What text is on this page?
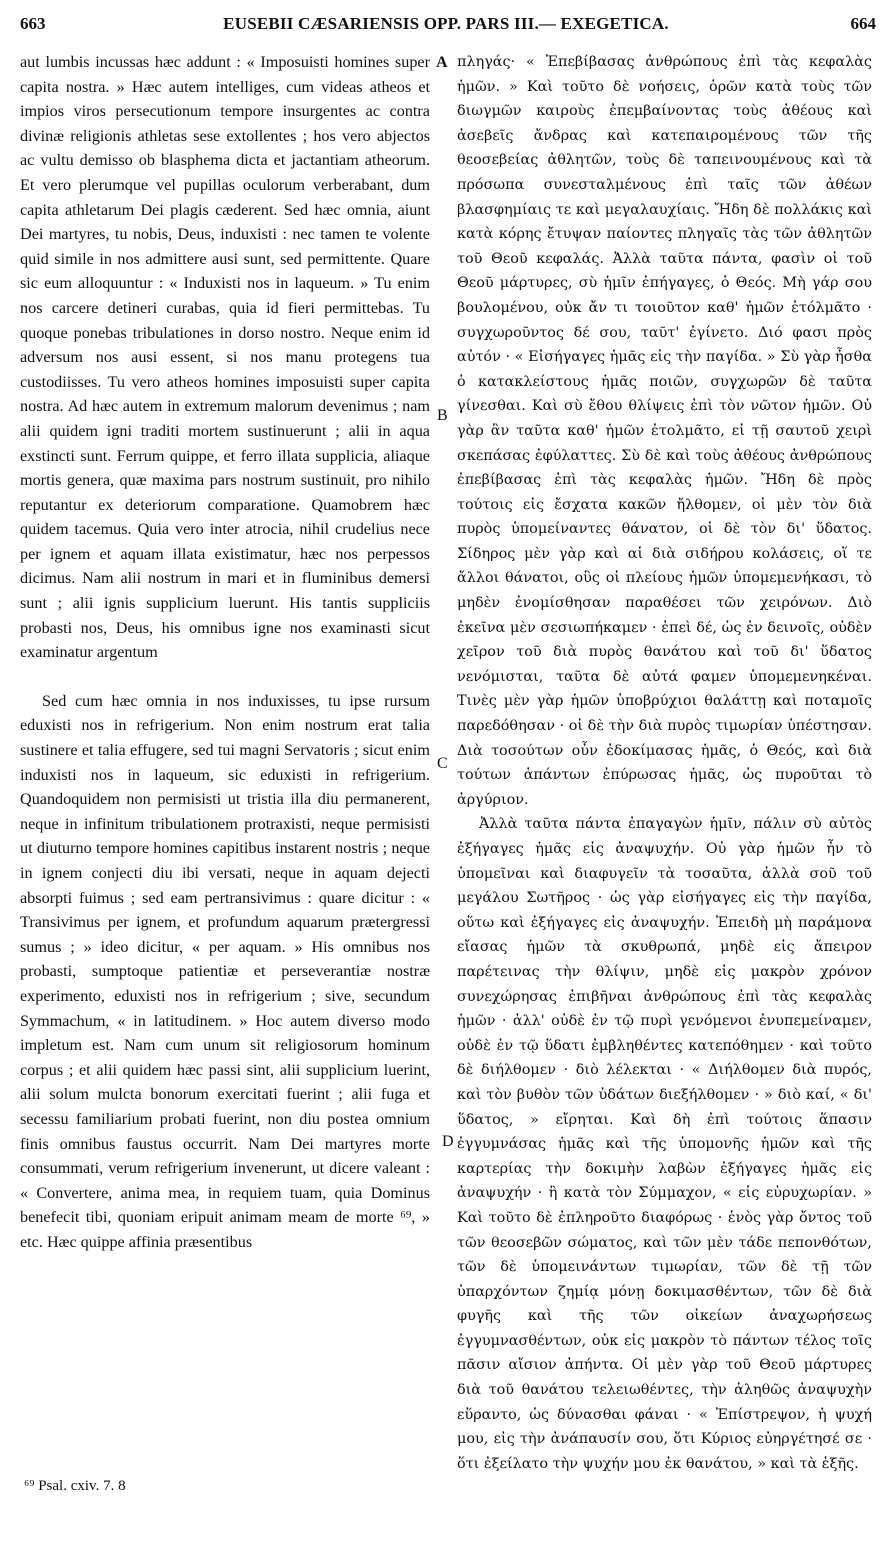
663	EUSEBII CÆSARIENSIS OPP. PARS III.— EXEGETICA.	664

aut lumbis incussas hæc addunt : « Imposuisti homines super capita nostra. » Hæc autem intelliges, cum videas atheos et impios viros persecutionum tempore insurgentes ac contra divinæ religionis athletas sese extollentes ; hos vero abjectos ac vultu demisso ob blasphema dicta et jactantiam atheorum. Et vero plerumque vel pupillas oculorum verberabant, dum capita athletarum Dei plagis cæderent. Sed hæc omnia, aiunt Dei martyres, tu nobis, Deus, induxisti : nec tamen te volente quid simile in nos admittere ausi sunt, sed permittente. Quare sic eum alloquuntur : « Induxisti nos in laqueum. » Tu enim nos carcere detineri curabas, quia id fieri permittebas. Tu quoque ponebas tribulationes in dorso nostro. Neque enim id adversum nos ausi essent, si nos manu protegens tua custodiisses. Tu vero atheos homines imposuisti super capita nostra. Ad hæc autem in extremum malorum devenimus ; nam alii quidem igni traditi mortem sustinuerunt ; alii in aqua exstincti sunt. Ferrum quippe, et ferro illata supplicia, aliaque mortis genera, quæ maxima pars nostrum sustinuit, pro nihilo reputantur ex deteriorum comparatione. Quamobrem hæc quidem tacemus. Quia vero inter atrocia, nihil crudelius nece per ignem et aquam illata existimatur, hæc nos perpessos dicimus. Nam alii nostrum in mari et in fluminibus demersi sunt ; alii ignis supplicium luerunt. His tantis suppliciis probasti nos, Deus, his omnibus igne nos examinasti sicut examinatur argentum

Sed cum hæc omnia in nos induxisses, tu ipse rursum eduxisti nos in refrigerium. Non enim nostrum erat talia sustinere et talia effugere, sed tui magni Servatoris ; sicut enim induxisti nos in laqueum, sic eduxisti in refrigerium. Quandoquidem non permisisti ut tristia illa diu permanerent, neque in infinitum tribulationem protraxisti, neque permisisti ut diuturno tempore homines capitibus instarent nostris ; neque in ignem conjecti diu ibi versati, neque in aquam dejecti absorpti fuimus ; sed eam pertransivimus : quare dicitur : « Transivimus per ignem, et profundum aquarum prætergressi sumus ; » ideo dicitur, « per aquam. » His omnibus nos probasti, sumptoque patientiæ et perseverantiæ nostræ experimento, eduxisti nos in refrigerium ; sive, secundum Symmachum, « in latitudinem. » Hoc autem diverso modo impletum est. Nam cum unum sit religiosorum hominum corpus ; et alii quidem hæc passi sint, alii supplicium luerint, alii solum mulcta bonorum exercitati fuerint ; alii fuga et secessu familiarium probati fuerint, non diu postea omnium finis omnibus faustus occurrit. Nam Dei martyres morte consummati, verum refrigerium invenerunt, ut dicere valeant : « Convertere, anima mea, in requiem tuam, quia Dominus benefecit tibi, quoniam eripuit animam meam de morte ⁶⁹, » etc. Hæc quippe affinia præsentibus

A
B
C
D

πληγάς· « Ἐπεβίβασας ἀνθρώπους ἐπὶ τὰς κεφαλὰς ἡμῶν. » Καὶ τοῦτο δὲ νοήσεις, ὁρῶν κατὰ τοὺς τῶν διωγμῶν καιροὺς ἐπεμβαίνοντας τοὺς ἀθέους καὶ ἀσεβεῖς ἄνδρας καὶ κατεπαιρομένους τῶν τῆς θεοσεβείας ἀθλητῶν, τοὺς δὲ ταπεινουμένους καὶ τὰ πρόσωπα συνεσταλμένους ἐπὶ ταῖς τῶν ἀθέων βλασφημίαις τε καὶ μεγαλαυχίαις. Ἤδη δὲ πολλάκις καὶ κατὰ κόρης ἔτυψαν παίοντες πληγαῖς τὰς τῶν ἀθλητῶν τοῦ Θεοῦ κεφαλάς. Ἀλλὰ ταῦτα πάντα, φασὶν οἱ τοῦ Θεοῦ μάρτυρες, σὺ ἡμῖν ἐπήγαγες, ὁ Θεός. Μὴ γάρ σου βουλομένου, οὐκ ἄν τι τοιοῦτον καθ' ἡμῶν ἐτόλμᾶτο · συγχωροῦντος δέ σου, ταῦτ' ἐγίνετο. Διό φασι πρὸς αὐτόν · « Εἰσήγαγες ἡμᾶς εἰς τὴν παγίδα. » Σὺ γὰρ ἦσθα ὁ κατακλείστους ἡμᾶς ποιῶν, συγχωρῶν δὲ ταῦτα γίνεσθαι. Καὶ σὺ ἔθου θλίψεις ἐπὶ τὸν νῶτον ἡμῶν. Οὐ γὰρ ἂν ταῦτα καθ' ἡμῶν ἐτολμᾶτο, εἰ τῇ σαυτοῦ χειρὶ σκεπάσας ἐφύλαττες. Σὺ δὲ καὶ τοὺς ἀθέους ἀνθρώπους ἐπεβίβασας ἐπὶ τὰς κεφαλὰς ἡμῶν. Ἤδη δὲ πρὸς τούτοις εἰς ἔσχατα κακῶν ἤλθομεν, οἱ μὲν τὸν διὰ πυρὸς ὑπομείναντες θάνατον, οἱ δὲ τὸν δι' ὕδατος. Σίδηρος μὲν γὰρ καὶ αἱ διὰ σιδήρου κολάσεις, οἵ τε ἄλλοι θάνατοι, οὓς οἱ πλείους ἡμῶν ὑπομεμενήκασι, τὸ μηδὲν ἐνομίσθησαν παραθέσει τῶν χειρόνων. Διὸ ἐκεῖνα μὲν σεσιωπήκαμεν · ἐπεὶ δέ, ὡς ἐν δεινοῖς, οὐδὲν χεῖρον τοῦ διὰ πυρὸς θανάτου καὶ τοῦ δι' ὕδατος νενόμισται, ταῦτα δὲ αὐτά φαμεν ὑπομεμενηκέναι. Τινὲς μὲν γὰρ ἡμῶν ὑποβρύχιοι θαλάττῃ καὶ ποταμοῖς παρεδόθησαν · οἱ δὲ τὴν διὰ πυρὸς τιμωρίαν ὑπέστησαν. Διὰ τοσούτων οὖν ἐδοκίμασας ἡμᾶς, ὁ Θεός, καὶ διὰ τούτων ἁπάντων ἐπύρωσας ἡμᾶς, ὡς πυροῦται τὸ ἀργύριον.

Ἀλλὰ ταῦτα πάντα ἐπαγαγὼν ἡμῖν, πάλιν σὺ αὐτὸς ἐξήγαγες ἡμᾶς εἰς ἀναψυχήν. Οὐ γὰρ ἡμῶν ἦν τὸ ὑπομεῖναι καὶ διαφυγεῖν τὰ τοσαῦτα, ἀλλὰ σοῦ τοῦ μεγάλου Σωτῆρος · ὡς γὰρ εἰσήγαγες εἰς τὴν παγίδα, οὕτω καὶ ἐξήγαγες εἰς ἀναψυχήν. Ἐπειδὴ μὴ παράμονα εἴασας ἡμῶν τὰ σκυθρωπά, μηδὲ εἰς ἄπειρον παρέτεινας τὴν θλίψιν, μηδὲ εἰς μακρὸν χρόνον συνεχώρησας ἐπιβῆναι ἀνθρώπους ἐπὶ τὰς κεφαλὰς ἡμῶν · ἀλλ' οὐδὲ ἐν τῷ πυρὶ γενόμενοι ἐνυπεμείναμεν, οὐδὲ ἐν τῷ ὕδατι ἐμβληθέντες κατεπόθημεν · καὶ τοῦτο δὲ διήλθομεν · διὸ λέλεκται · « Διήλθομεν διὰ πυρός, καὶ τὸν βυθὸν τῶν ὑδάτων διεξήλθομεν · » διὸ καί, « δι' ὕδατος, » εἴρηται. Καὶ δὴ ἐπὶ τούτοις ἅπασιν ἐγγυμνάσας ἡμᾶς καὶ τῆς ὑπομονῆς ἡμῶν καὶ τῆς καρτερίας τὴν δοκιμὴν λαβὼν ἐξήγαγες ἡμᾶς εἰς ἀναψυχήν · ἢ κατὰ τὸν Σύμμαχον, « εἰς εὐρυχωρίαν. » Καὶ τοῦτο δὲ ἐπληροῦτο διαφόρως · ἑνὸς γὰρ ὄντος τοῦ τῶν θεοσεβῶν σώματος, καὶ τῶν μὲν τάδε πεπονθότων, τῶν δὲ ὑπομεινάντων τιμωρίαν, τῶν δὲ τῇ τῶν ὑπαρχόντων ζημίᾳ μόνῃ δοκιμασθέντων, τῶν δὲ διὰ φυγῆς καὶ τῆς τῶν οἰκείων ἀναχωρήσεως ἐγγυμνασθέντων, οὐκ εἰς μακρὸν τὸ πάντων τέλος τοῖς πᾶσιν αἴσιον ἀπήντα. Οἱ μὲν γὰρ τοῦ Θεοῦ μάρτυρες διὰ τοῦ θανάτου τελειωθέντες, τὴν ἀληθῶς ἀναψυχὴν εὕραντο, ὡς δύνασθαι φάναι · « Ἐπίστρεψον, ἡ ψυχή μου, εἰς τὴν ἀνάπαυσίν σου, ὅτι Κύριος εὐηργέτησέ σε · ὅτι ἐξείλατο τὴν ψυχήν μου ἐκ θανάτου, » καὶ τὰ ἑξῆς.

⁶⁹ Psal. cxiv. 7. 8
